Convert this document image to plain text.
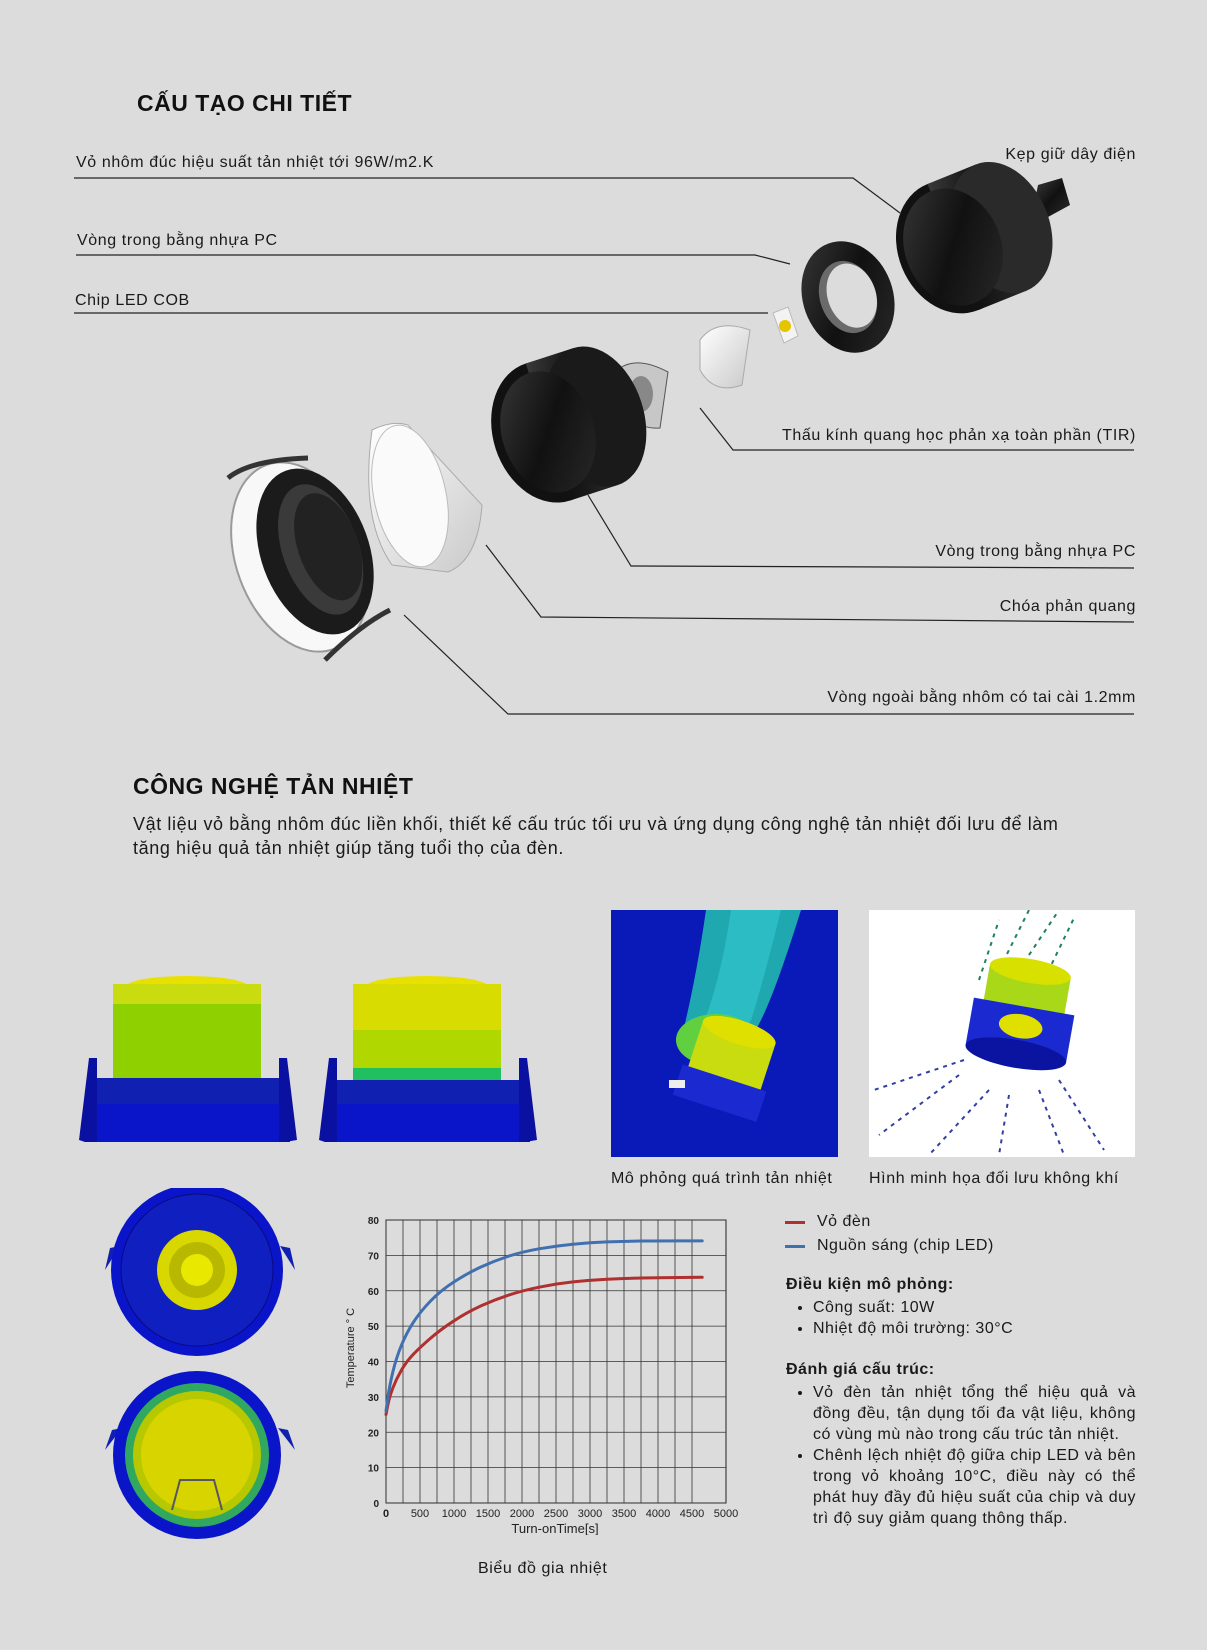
CẤU TẠO CHI TIẾT
Vỏ nhôm đúc hiệu suất tản nhiệt tới 96W/m2.K	Kẹp giữ dây điện
Vòng trong bằng nhựa PC
Chip LED COB
Thấu kính quang học phản xạ toàn phần (TIR)
Vòng trong bằng nhựa PC
Chóa phản quang
Vòng ngoài bằng nhôm có tai cài 1.2mm
CÔNG NGHỆ TẢN NHIỆT
Vật liệu vỏ bằng nhôm đúc liền khối, thiết kế cấu trúc tối ưu và ứng dụng công nghệ tản nhiệt đối lưu để làm tăng hiệu quả tản nhiệt giúp tăng tuổi thọ của đèn.
Mô phỏng quá trình tản nhiệt Hình minh họa đối lưu không khí
0
10
20
30
40
50
60
70
80
0 500 1000 1500 2000 2500 3000 3500 4000 4500 5000
Turn-onTime[s]
Temperature ° C
Biểu đồ gia nhiệt
Vỏ đèn
Nguồn sáng (chip LED)
Điều kiện mô phỏng:
• Công suất: 10W
• Nhiệt độ môi trường: 30°C
Đánh giá cấu trúc:
• Vỏ đèn tản nhiệt tổng thể hiệu quả và đồng đều, tận dụng tối đa vật liệu, không có vùng mù nào trong cấu trúc tản nhiệt.
• Chênh lệch nhiệt độ giữa chip LED và bên trong vỏ khoảng 10°C, điều này có thể phát huy đầy đủ hiệu suất của chip và duy trì độ suy giảm quang thông thấp.
